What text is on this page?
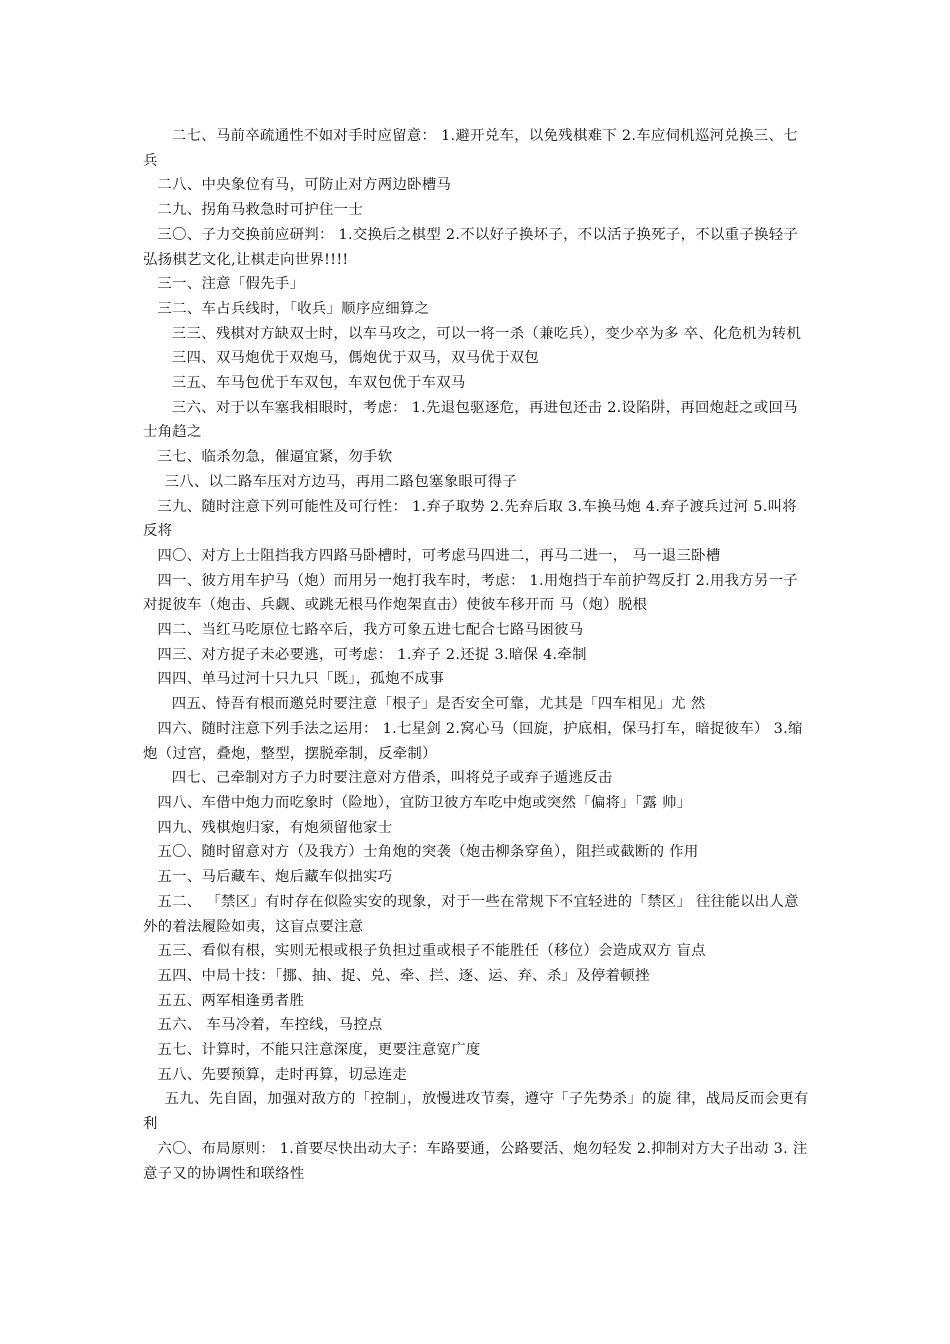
二七、马前卒疏通性不如对手时应留意： 1.避开兑车，以免残棋难下 2.车应伺机巡河兑换三、七兵

二八、中央象位有马，可防止对方两边卧槽马

二九、拐角马救急时可护住一士

三〇、子力交换前应研判： 1.交换后之棋型 2.不以好子换坏子，不以活子换死子，不以重子换轻子 弘扬棋艺文化,让棋走向世界!!!!

三一、注意「假先手」

三二、车占兵线时，「收兵」顺序应细算之

三三、残棋对方缺双士时，以车马攻之，可以一将一杀（兼吃兵），变少卒为多 卒、化危机为转机

三四、双马炮优于双炮马，傌炮优于双马，双马优于双包

三五、车马包优于车双包，车双包优于车双马

三六、对于以车塞我相眼时，考虑： 1.先退包驱逐危，再进包还击 2.设陷阱，再回炮赶之或回马士角趋之

三七、临杀勿急，催逼宜紧，勿手软

三八、以二路车压对方边马，再用二路包塞象眼可得子

三九、随时注意下列可能性及可行性： 1.弃子取势 2.先弃后取 3.车换马炮 4.弃子渡兵过河 5.叫将反将

四〇、对方上士阻挡我方四路马卧槽时，可考虑马四进二，再马二进一， 马一退三卧槽

四一、彼方用车护马（炮）而用另一炮打我车时，考虑： 1.用炮挡于车前护驾反打 2.用我方另一子对捉彼车（炮击、兵觑、或跳无根马作炮架直击）使彼车移开而 马（炮）脱根

四二、当红马吃原位七路卒后，我方可象五进七配合七路马困彼马

四三、对方捉子未必要逃，可考虑： 1.弃子 2.还捉 3.暗保 4.牵制

四四、单马过河十只九只「既」，孤炮不成事

四五、恃吾有根而邀兑时要注意「根子」是否安全可靠，尤其是「四车相见」尤 然

四六、随时注意下列手法之运用： 1.七星剑 2.窝心马（回旋，护底相，保马打车，暗捉彼车） 3.缩炮（过宫，叠炮，整型，摆脱牵制，反牵制）

四七、己牵制对方子力时要注意对方借杀，叫将兑子或弃子遁逃反击

四八、车借中炮力而吃象时（险地），宜防卫彼方车吃中炮或突然「偏将」「露 帅」

四九、残棋炮归家，有炮须留他家士

五〇、随时留意对方（及我方）士角炮的突袭（炮击柳条穿鱼），阻拦或截断的 作用

五一、马后藏车、炮后藏车似拙实巧

五二、 「禁区」有时存在似险实安的现象，对于一些在常规下不宜轻进的「禁区」 往往能以出人意外的着法履险如夷，这盲点要注意

五三、看似有根，实则无根或根子负担过重或根子不能胜任（移位）会造成双方 盲点

五四、中局十技：「挪、抽、捉、兑、牵、拦、逐、运、弃、杀」及停着顿挫

五五、两军相逢勇者胜

五六、 车马冷着，车控线，马控点

五七、计算时，不能只注意深度，更要注意宽广度

五八、先要预算，走时再算，切忌连走

五九、先自固，加强对敌方的「控制」，放慢进攻节奏，遵守「子先势杀」的旋 律，战局反而会更有利

六〇、布局原则： 1.首要尽快出动大子：车路要通，公路要活、炮勿轻发 2.抑制对方大子出动 3. 注意子又的协调性和联络性
